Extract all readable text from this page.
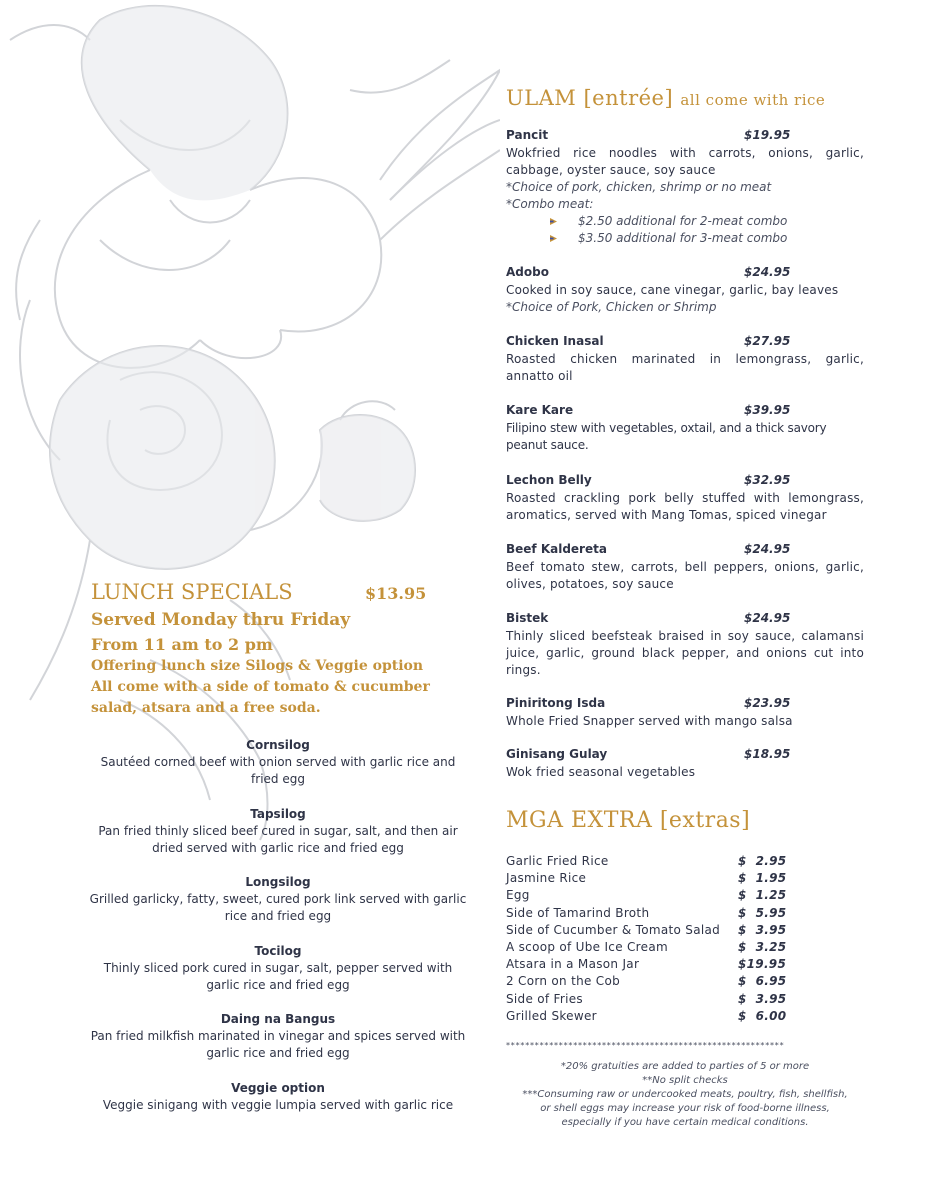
ULAM [entrée] all come with rice
Pancit	$19.95
Wokfried rice noodles with carrots, onions, garlic, cabbage, oyster sauce, soy sauce
*Choice of pork, chicken, shrimp or no meat
*Combo meat:
$2.50 additional for 2-meat combo
$3.50 additional for 3-meat combo
Adobo	$24.95
Cooked in soy sauce, cane vinegar, garlic, bay leaves
*Choice of Pork, Chicken or Shrimp
Chicken Inasal	$27.95
Roasted chicken marinated in lemongrass, garlic, annatto oil
Kare Kare	$39.95
Filipino stew with vegetables, oxtail, and a thick savory peanut sauce.
Lechon Belly	$32.95
Roasted crackling pork belly stuffed with lemongrass, aromatics, served with Mang Tomas, spiced vinegar
Beef Kaldereta	$24.95
Beef tomato stew, carrots, bell peppers, onions, garlic, olives, potatoes, soy sauce
Bistek	$24.95
Thinly sliced beefsteak braised in soy sauce, calamansi juice, garlic, ground black pepper, and onions cut into rings.
Piniritong Isda	$23.95
Whole Fried Snapper served with mango salsa
Ginisang Gulay	$18.95
Wok fried seasonal vegetables
MGA EXTRA [extras]
Garlic Fried Rice	$  2.95
Jasmine Rice	$  1.95
Egg	$  1.25
Side of Tamarind Broth	$  5.95
Side of Cucumber & Tomato Salad $  3.95
A scoop of Ube Ice Cream	$  3.25
Atsara in a Mason Jar	$19.95
2 Corn on the Cob	$  6.95
Side of Fries	$  3.95
Grilled Skewer	$  6.00
**********************************************************
*20% gratuities are added to parties of 5 or more
**No split checks
***Consuming raw or undercooked meats, poultry, fish, shellfish,
or shell eggs may increase your risk of food-borne illness,
especially if you have certain medical conditions.
LUNCH SPECIALS	$13.95
Served Monday thru Friday
From 11 am to 2 pm
Offering lunch size Silogs & Veggie option
All come with a side of tomato & cucumber
salad, atsara and a free soda.
Cornsilog
Sautéed corned beef with onion served with garlic rice and fried egg
Tapsilog
Pan fried thinly sliced beef cured in sugar, salt, and then air dried served with garlic rice and fried egg
Longsilog
Grilled garlicky, fatty, sweet, cured pork link served with garlic rice and fried egg
Tocilog
Thinly sliced pork cured in sugar, salt, pepper served with garlic rice and fried egg
Daing na Bangus
Pan fried milkfish marinated in vinegar and spices served with garlic rice and fried egg
Veggie option
Veggie sinigang with veggie lumpia served with garlic rice
